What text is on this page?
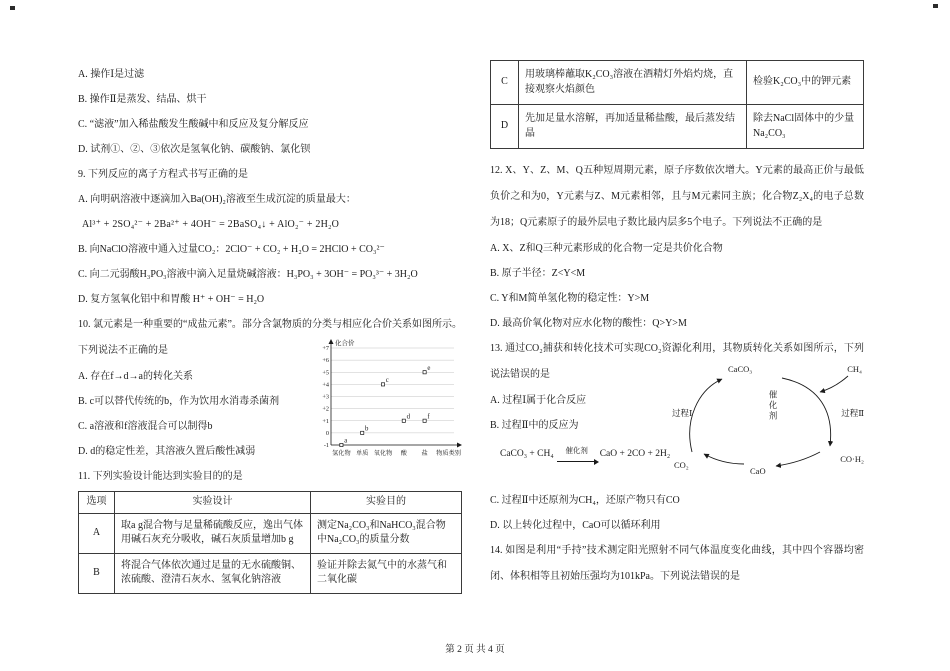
A. 操作Ⅰ是过滤
B. 操作Ⅱ是蒸发、结晶、烘干
C. “滤液”加入稀盐酸发生酸碱中和反应及复分解反应
D. 试剂①、②、③依次是氢氧化钠、碳酸钠、氯化钡
9. 下列反应的离子方程式书写正确的是
A. 向明矾溶液中逐滴加入Ba(OH)₂溶液至生成沉淀的质量最大：
Al³⁺ + 2SO₄²⁻ + 2Ba²⁺ + 4OH⁻ = 2BaSO₄↓ + AlO₂⁻ + 2H₂O
B. 向NaClO溶液中通入过量CO₂：2ClO⁻ + CO₂ + H₂O = 2HClO + CO₃²⁻
C. 向二元弱酸H₃PO₃溶液中滴入足量烧碱溶液：H₃PO₃ + 3OH⁻ = PO₃³⁻ + 3H₂O
D. 复方氢氧化铝中和胃酸 H⁺ + OH⁻ = H₂O
10. 氯元素是一种重要的“成盐元素”。部分含氯物质的分类与相应化合价关系如图所示。下列说法不正确的是
A. 存在f→d→a的转化关系
B. c可以替代传统的b，作为饮用水消毒杀菌剂
C. a溶液和f溶液混合可以制得b
D. d的稳定性差，其溶液久置后酸性减弱
+7
+6
+5
+4
+3
+2
+1
0
-1
化合价
物质类别
氢化物 单质 氧化物 酸 盐
a
b
c
d
e
f
11. 下列实验设计能达到实验目的的是
选项	实验设计	实验目的
A	取a g混合物与足量稀硫酸反应，逸出气体用碱石灰充分吸收，碱石灰质量增加b g	测定Na₂CO₃和NaHCO₃混合物中Na₂CO₃的质量分数
B	将混合气体依次通过足量的无水硫酸铜、浓硫酸、澄清石灰水、氢氧化钠溶液	验证并除去氮气中的水蒸气和二氧化碳
C	用玻璃棒蘸取K₂CO₃溶液在酒精灯外焰灼烧，直接观察火焰颜色	检验K₂CO₃中的钾元素
D	先加足量水溶解，再加适量稀盐酸，最后蒸发结晶	除去NaCl固体中的少量Na₂CO₃
12. X、Y、Z、M、Q五种短周期元素，原子序数依次增大。Y元素的最高正价与最低负价之和为0，Y元素与Z、M元素相邻，且与M元素同主族；化合物Z₂X₄的电子总数为18；Q元素原子的最外层电子数比最内层多5个电子。下列说法不正确的是
A. X、Z和Q三种元素形成的化合物一定是共价化合物
B. 原子半径：Z<Y<M
C. Y和M简单氢化物的稳定性：Y>M
D. 最高价氧化物对应水化物的酸性：Q>Y>M
13. 通过CO₂捕获和转化技术可实现CO₂资源化利用，其物质转化关系如图所示，下列说法错误的是
A. 过程Ⅰ属于化合反应
B. 过程Ⅱ中的反应为
CaCO₃ + CH₄ 催化剂 CaO + 2CO + 2H₂
CaCO₃	CH₄
过程Ⅰ	过程Ⅱ
催化剂
CO₂
CaO
CO·H₂
C. 过程Ⅱ中还原剂为CH₄，还原产物只有CO
D. 以上转化过程中，CaO可以循环利用
14. 如图是利用“手持”技术测定阳光照射不同气体温度变化曲线，其中四个容器均密闭、体积相等且初始压强均为101kPa。下列说法错误的是
第 2 页 共 4 页
